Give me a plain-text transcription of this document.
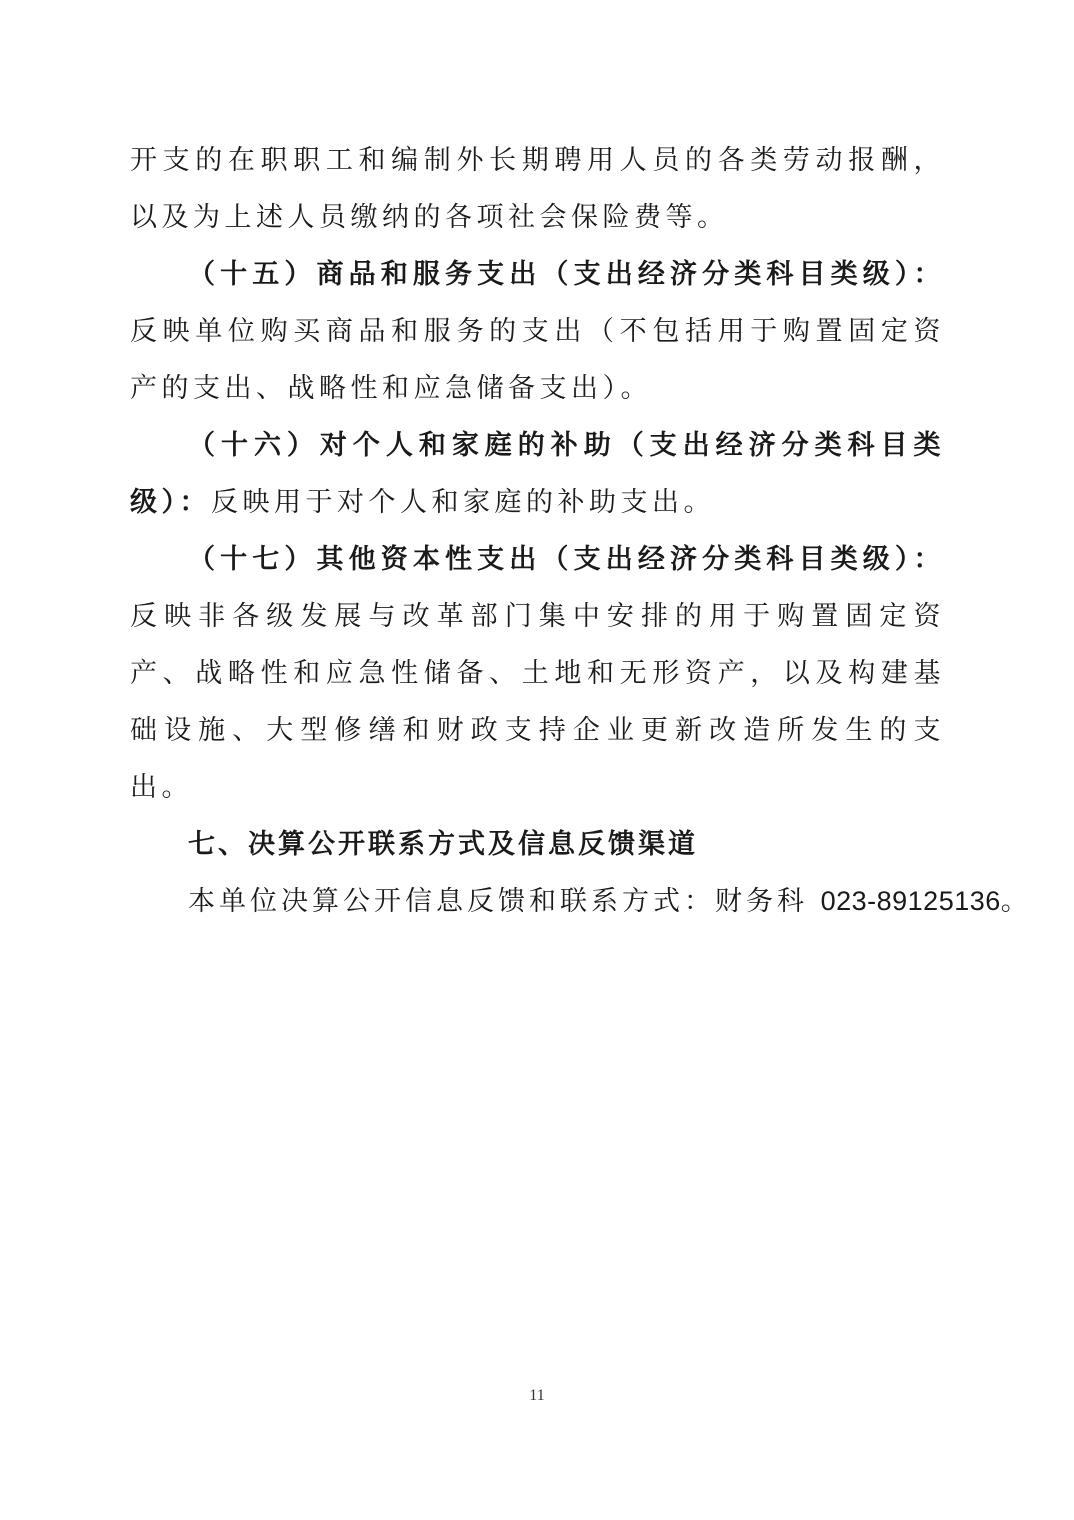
开支的在职职工和编制外长期聘用人员的各类劳动报酬，以及为上述人员缴纳的各项社会保险费等。

（十五）商品和服务支出（支出经济分类科目类级）：反映单位购买商品和服务的支出（不包括用于购置固定资产的支出、战略性和应急储备支出）。

（十六）对个人和家庭的补助（支出经济分类科目类级）：反映用于对个人和家庭的补助支出。

（十七）其他资本性支出（支出经济分类科目类级）：反映非各级发展与改革部门集中安排的用于购置固定资产、战略性和应急性储备、土地和无形资产，以及构建基础设施、大型修缮和财政支持企业更新改造所发生的支出。

七、决算公开联系方式及信息反馈渠道

本单位决算公开信息反馈和联系方式：财务科 023-89125136。

11
